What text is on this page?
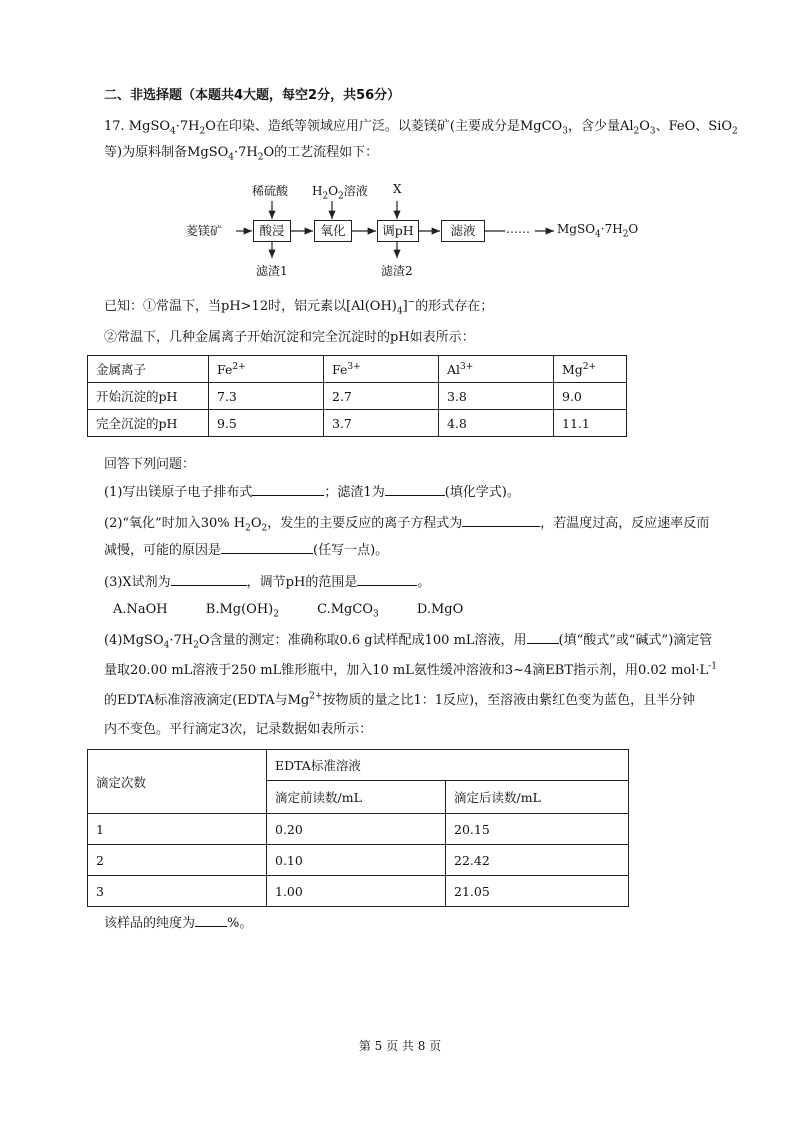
二、非选择题（本题共4大题，每空2分，共56分）
17. $MgSO_4\cdot 7H_2O$在印染、造纸等领域应用广泛。以菱镁矿(主要成分是MgCO$_3$，含少量$Al_2O_3$、FeO、SiO$_2$
等)为原料制备$MgSO_4\cdot 7H_2O$的工艺流程如下：
菱镁矿
稀硫酸 $H_2O_2$溶液 X
酸浸	氧化	调pH	滤液	…… $MgSO_4\cdot 7H_2O$
滤渣1	滤渣2
已知：①常温下，当pH>12时，铝元素以$[Al(OH)_4]^-$的形式存在；
②常温下，几种金属离子开始沉淀和完全沉淀时的pH如表所示：
金属离子	$Fe^{2+}$	$Fe^{3+}$	$Al^{3+}$	$Mg^{2+}$
开始沉淀的pH	7.3	2.7	3.8	9.0
完全沉淀的pH	9.5	3.7	4.8	11.1
回答下列问题：
(1)写出镁原子电子排布式	；滤渣1为	(填化学式)。
(2)“氧化”时加入30% $H_2O_2$，发生的主要反应的离子方程式为	，若温度过高，反应速率反而
减慢，可能的原因是	(任写一点)。
(3)X试剂为	，调节pH的范围是	。
A.NaOH	$B.Mg(OH)_2$	C.MgCO$_3$	D.MgO
$(4)MgSO_4\cdot 7H_2O$含量的测定：准确称取0.6 g试样配成100 mL溶液，用 (填“酸式”或“碱式”)滴定管
量取20.00 mL溶液于250 mL锥形瓶中，加入10 mL氨性缓冲溶液和3~4滴EBT指示剂，用0.02 $mol\cdot L^{-1}$
的EDTA标准溶液滴定(EDTA与$Mg^{2+}$按物质的量之比1：1反应)，至溶液由紫红色变为蓝色，且半分钟
内不变色。平行滴定3次，记录数据如表所示：
滴定次数	EDTA标准溶液	
	滴定前读数/mL	滴定后读数/mL
1	0.20	20.15
2	0.10	22.42
3	1.00	21.05
该样品的纯度为 %。
第 5 页 共 8 页
